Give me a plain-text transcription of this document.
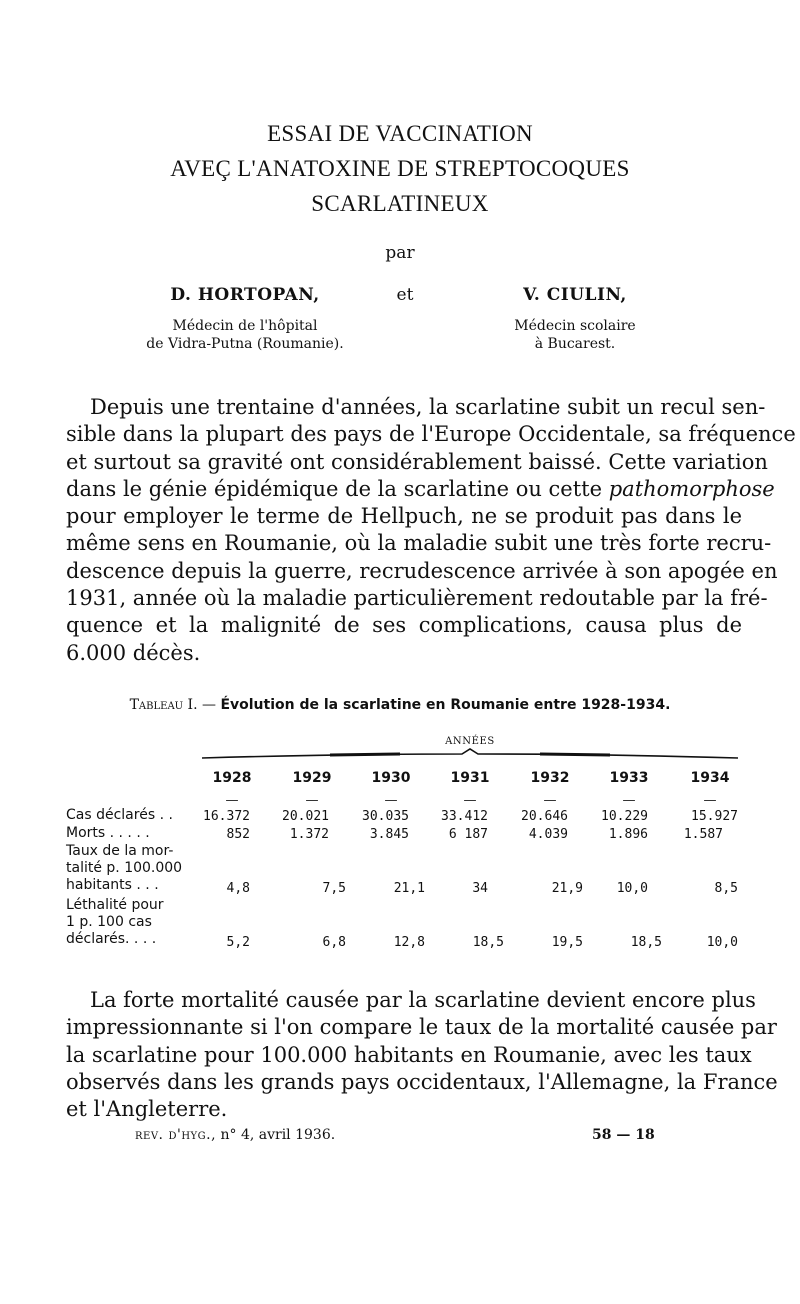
ESSAI DE VACCINATION
AVEÇ L'ANATOXINE DE STREPTOCOQUES
SCARLATINEUX
par
D. HORTOPAN,
Médecin de l'hôpital
de Vidra-Putna (Roumanie).
et	V. CIULIN,
Médecin scolaire
à Bucarest.
Depuis une trentaine d'années, la scarlatine subit un recul sen-
sible dans la plupart des pays de l'Europe Occidentale, sa fréquence
et surtout sa gravité ont considérablement baissé. Cette variation
dans le génie épidémique de la scarlatine ou cette pathomorphose
pour employer le terme de Hellpuch, ne se produit pas dans le
même sens en Roumanie, où la maladie subit une très forte recru-
descence depuis la guerre, recrudescence arrivée à son apogée en
1931, année où la maladie particulièrement redoutable par la fré-
quence et la malignité de ses complications, causa plus de
6.000 décès.
Tableau I. — Évolution de la scarlatine en Roumanie entre 1928-1934.
ANNÉES
1928	1929	1930	1931	1932	1933	1934
—	—	—	—	—	—	—
Cas déclarés . .	16.372	20.021	30.035	33.412	20.646	10.229	15.927
Morts . . . . .	852	1.372	3.845	6 187	4.039	1.896	1.587
Taux de la mor-
talité p. 100.000
habitants . . .	4,8	7,5	21,1	34	21,9	10,0	8,5
Léthalité pour
1 p. 100 cas
déclarés. . . .	5,2	6,8	12,8	18,5	19,5	18,5	10,0
La forte mortalité causée par la scarlatine devient encore plus
impressionnante si l'on compare le taux de la mortalité causée par
la scarlatine pour 100.000 habitants en Roumanie, avec les taux
observés dans les grands pays occidentaux, l'Allemagne, la France
et l'Angleterre.
rev. d'hyg., n° 4, avril 1936.	58 — 18
